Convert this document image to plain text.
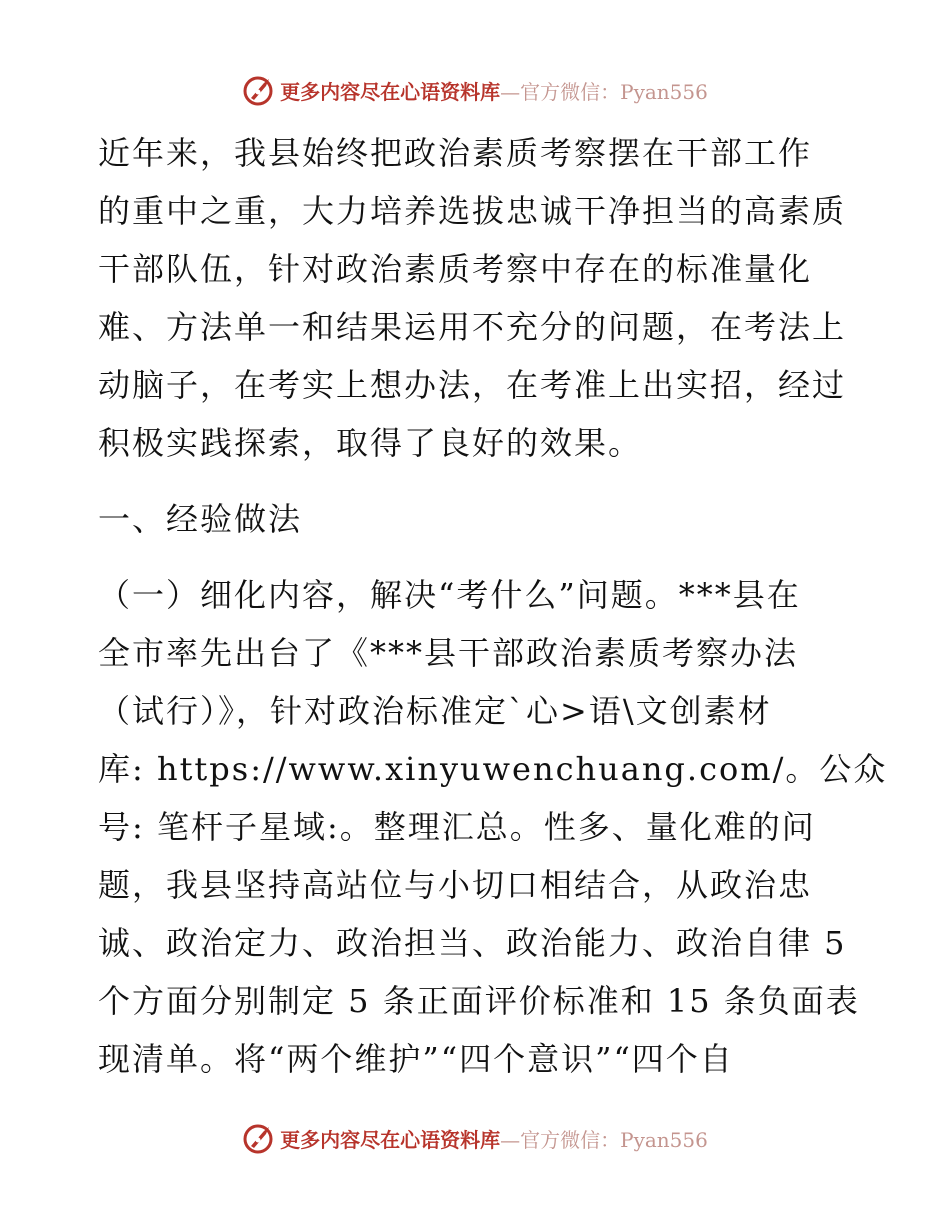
更多内容尽在心语资料库—官方微信：Pyan556
近年来，我县始终把政治素质考察摆在干部工作
的重中之重，大力培养选拔忠诚干净担当的高素质
干部队伍，针对政治素质考察中存在的标准量化
难、方法单一和结果运用不充分的问题，在考法上
动脑子，在考实上想办法，在考准上出实招，经过
积极实践探索，取得了良好的效果。
一、经验做法
（一）细化内容，解决“考什么”问题。***县在
全市率先出台了《***县干部政治素质考察办法
（试行）》，针对政治标准定`心>语\文创素材
库: https://www.xinyuwenchuang.com/。公众
号: 笔杆子星域:。整理汇总。性多、量化难的问
题，我县坚持高站位与小切口相结合，从政治忠
诚、政治定力、政治担当、政治能力、政治自律 5
个方面分别制定 5 条正面评价标准和 15 条负面表
现清单。将“两个维护”“四个意识”“四个自
更多内容尽在心语资料库—官方微信：Pyan556
